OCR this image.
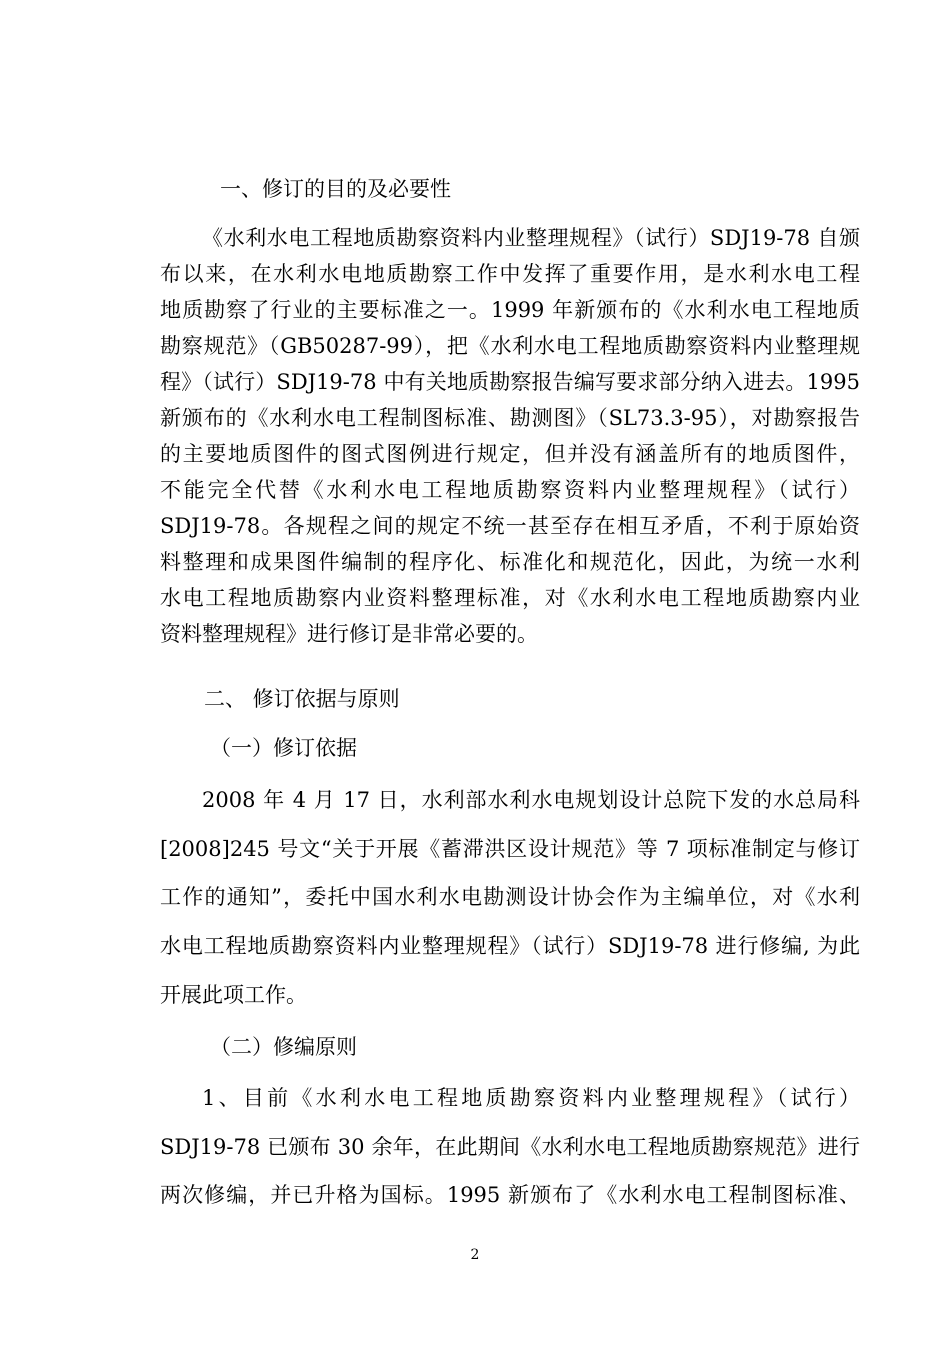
一、修订的目的及必要性
《水利水电工程地质勘察资料内业整理规程》（试行）SDJ19-78 自颁
布以来，在水利水电地质勘察工作中发挥了重要作用，是水利水电工程
地质勘察了行业的主要标准之一。1999 年新颁布的《水利水电工程地质
勘察规范》（GB50287-99），把《水利水电工程地质勘察资料内业整理规
程》（试行）SDJ19-78 中有关地质勘察报告编写要求部分纳入进去。1995
新颁布的《水利水电工程制图标准、勘测图》（SL73.3-95），对勘察报告
的主要地质图件的图式图例进行规定，但并没有涵盖所有的地质图件，
不能完全代替《水利水电工程地质勘察资料内业整理规程》（试行）
SDJ19-78。各规程之间的规定不统一甚至存在相互矛盾，不利于原始资
料整理和成果图件编制的程序化、标准化和规范化，因此，为统一水利
水电工程地质勘察内业资料整理标准，对《水利水电工程地质勘察内业
资料整理规程》进行修订是非常必要的。
二、 修订依据与原则
（一）修订依据
2008 年 4 月 17 日，水利部水利水电规划设计总院下发的水总局科
[2008]245 号文“关于开展《蓄滞洪区设计规范》等 7 项标准制定与修订
工作的通知”，委托中国水利水电勘测设计协会作为主编单位，对《水利
水电工程地质勘察资料内业整理规程》（试行）SDJ19-78 进行修编, 为此
开展此项工作。
（二）修编原则
1、目前《水利水电工程地质勘察资料内业整理规程》（试行）
SDJ19-78 已颁布 30 余年，在此期间《水利水电工程地质勘察规范》进行
两次修编，并已升格为国标。1995 新颁布了《水利水电工程制图标准、
2
